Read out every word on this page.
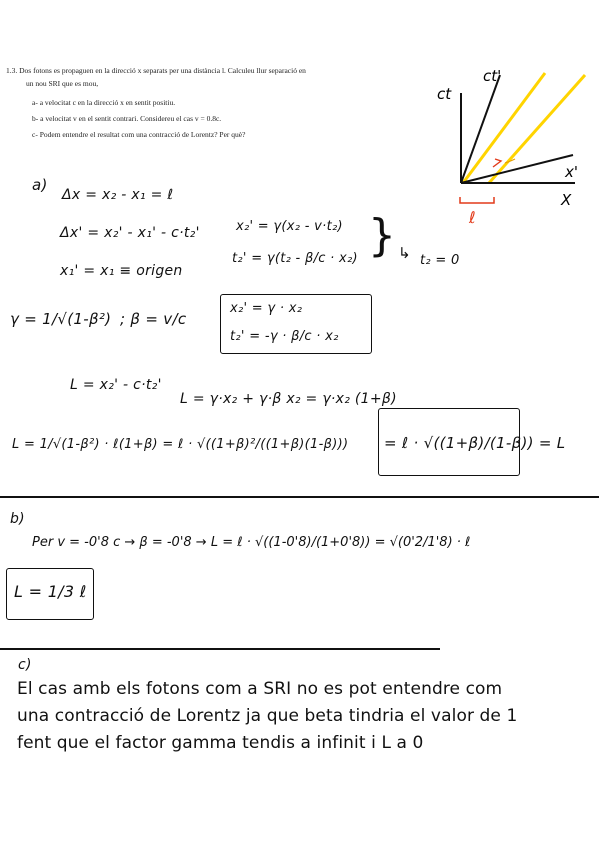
1.3. Dos fotons es propaguen en la direcció x separats per una distància l. Calculeu llur separació en
un nou SRI que es mou,
a- a velocitat c en la direcció x en sentit positiu.
b- a velocitat v en el sentit contrari. Considereu el cas v = 0.8c.
c- Podem entendre el resultat com una contracció de Lorentz? Per què?
ct
ct'
x'
X
ℓ
a)
Δx = x₂ - x₁ = ℓ
Δx' = x₂' - x₁' - c·t₂'	x₂' = γ(x₂ - v·t₂)
t₂' = γ(t₂ - β/c · x₂) } ↳ t₂ = 0
x₁' = x₁ ≡ origen
γ = 1/√(1-β²) ; β = v/c
x₂' = γ · x₂
t₂' = -γ · β/c · x₂
L = x₂' - c·t₂'
L = γ·x₂ + γ·β x₂ = γ·x₂ (1+β)
L = 1/√(1-β²) · ℓ(1+β) = ℓ · √((1+β)²/((1+β)(1-β))) = ℓ · √((1+β)/(1-β)) = L
b)
Per v = -0'8 c → β = -0'8 → L = ℓ · √((1-0'8)/(1+0'8)) = √(0'2/1'8) · ℓ
L = 1/3 ℓ
c)
El cas amb els fotons com a SRI no es pot entendre com
una contracció de Lorentz ja que beta tindria el valor de 1
fent que el factor gamma tendis a infinit i L a 0
